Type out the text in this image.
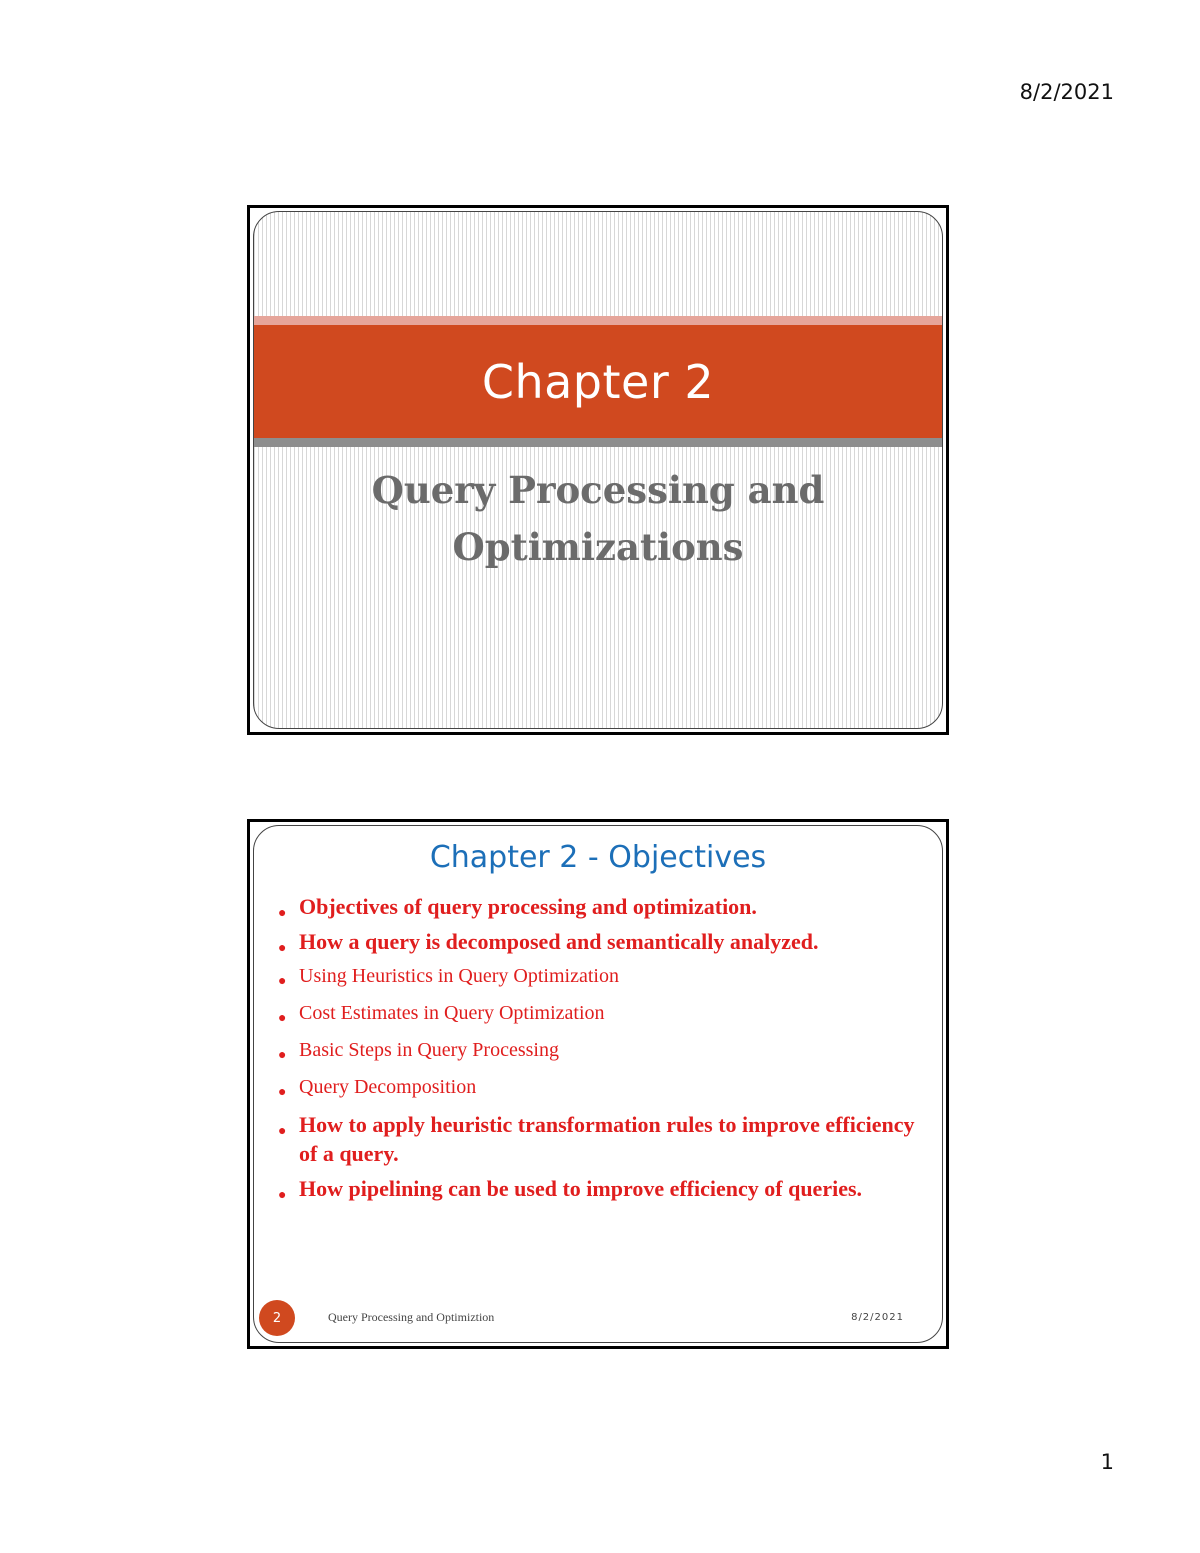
8/2/2021
Chapter 2
Query Processing and Optimizations
Chapter 2 - Objectives
● Objectives of query processing and optimization.
● How a query is decomposed and semantically analyzed.
● Using Heuristics in Query Optimization
● Cost Estimates in Query Optimization
● Basic Steps in Query Processing
● Query Decomposition
● How to apply heuristic transformation rules to improve efficiency of a query.
● How pipelining can be used to improve efficiency of queries.
2	Query Processing and Optimiztion	8/2/2021
1
